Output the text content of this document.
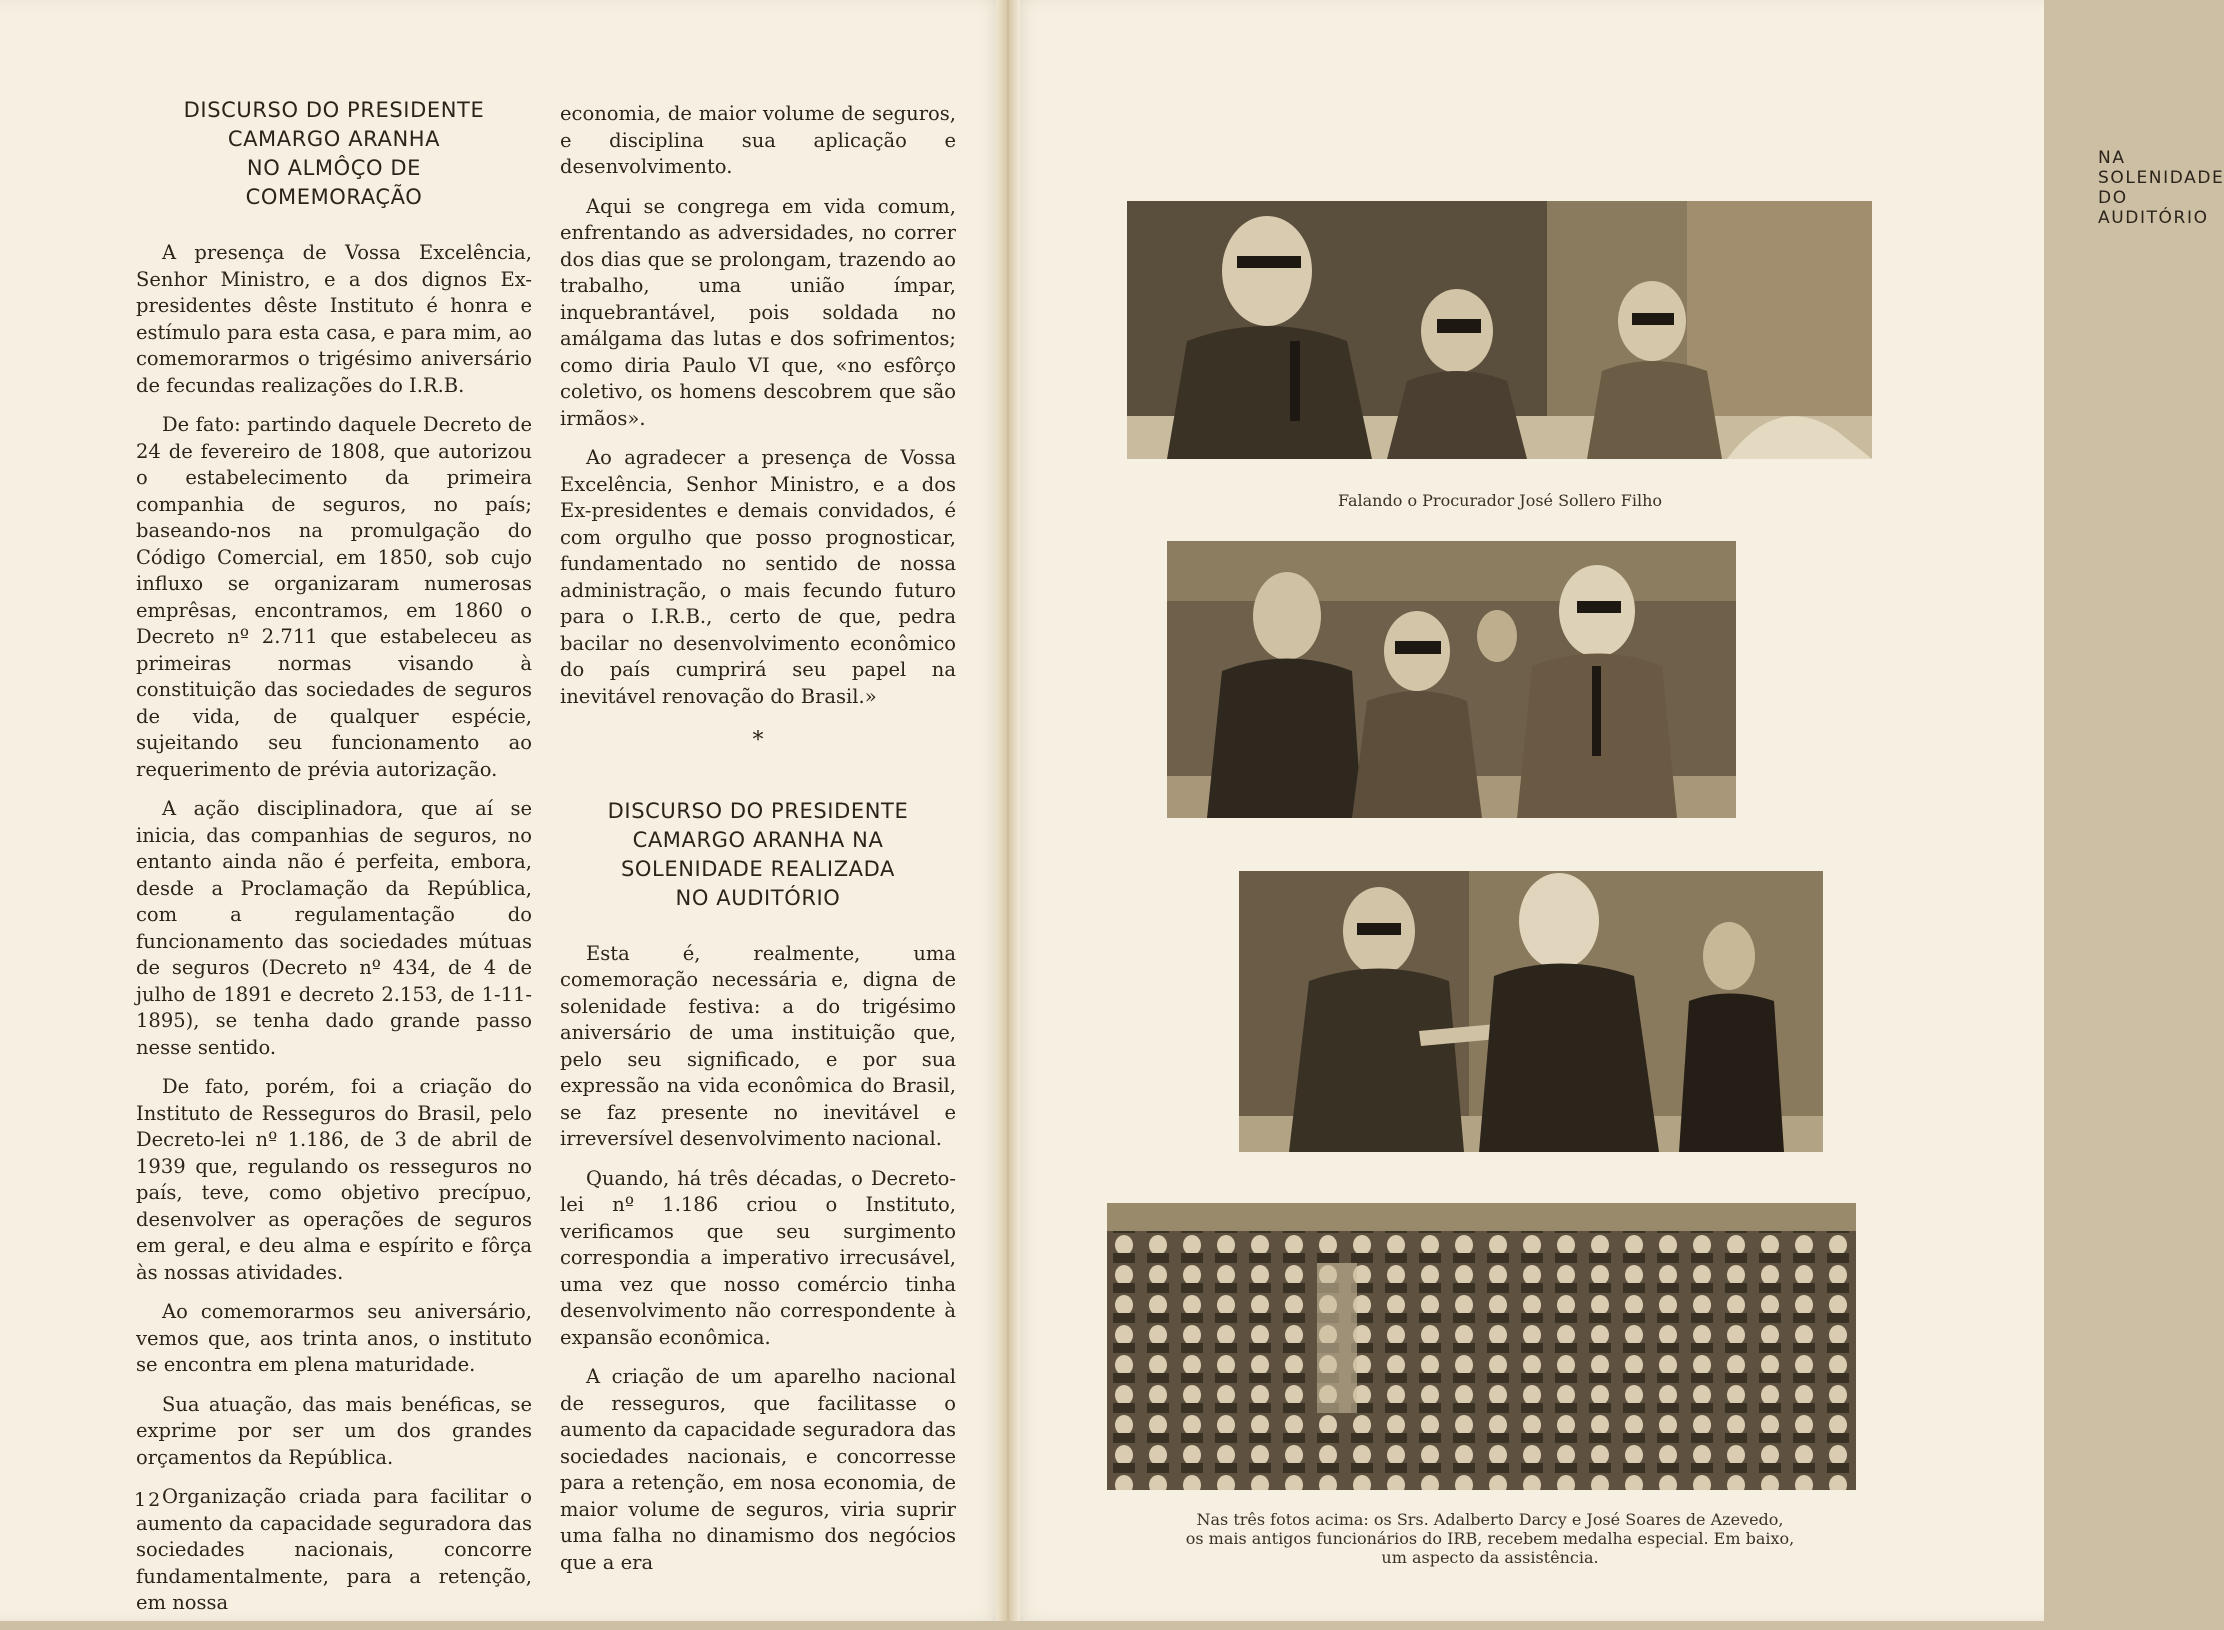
DISCURSO DO PRESIDENTE
CAMARGO ARANHA
NO ALMÔÇO DE
COMEMORAÇÃO

A presença de Vossa Excelência, Senhor Ministro, e a dos dignos Ex-presidentes dêste Instituto é honra e estímulo para esta casa, e para mim, ao comemorarmos o trigésimo aniversário de fecundas realizações do I.R.B.

De fato: partindo daquele Decreto de 24 de fevereiro de 1808, que autorizou o estabelecimento da primeira companhia de seguros, no país; baseando-nos na promulgação do Código Comercial, em 1850, sob cujo influxo se organizaram numerosas emprêsas, encontramos, em 1860 o Decreto nº 2.711 que estabeleceu as primeiras normas visando à constituição das sociedades de seguros de vida, de qualquer espécie, sujeitando seu funcionamento ao requerimento de prévia autorização.

A ação disciplinadora, que aí se inicia, das companhias de seguros, no entanto ainda não é perfeita, embora, desde a Proclamação da República, com a regulamentação do funcionamento das sociedades mútuas de seguros (Decreto nº 434, de 4 de julho de 1891 e decreto 2.153, de 1-11-1895), se tenha dado grande passo nesse sentido.

De fato, porém, foi a criação do Instituto de Resseguros do Brasil, pelo Decreto-lei nº 1.186, de 3 de abril de 1939 que, regulando os resseguros no país, teve, como objetivo precípuo, desenvolver as operações de seguros em geral, e deu alma e espírito e fôrça às nossas atividades.

Ao comemorarmos seu aniversário, vemos que, aos trinta anos, o instituto se encontra em plena maturidade.

Sua atuação, das mais benéficas, se exprime por ser um dos grandes orçamentos da República.

Organização criada para facilitar o aumento da capacidade seguradora das sociedades nacionais, concorre fundamentalmente, para a retenção, em nossa

economia, de maior volume de seguros, e disciplina sua aplicação e desenvolvimento.

Aqui se congrega em vida comum, enfrentando as adversidades, no correr dos dias que se prolongam, trazendo ao trabalho, uma união ímpar, inquebrantável, pois soldada no amálgama das lutas e dos sofrimentos; como diria Paulo VI que, «no esfôrço coletivo, os homens descobrem que são irmãos».

Ao agradecer a presença de Vossa Excelência, Senhor Ministro, e a dos Ex-presidentes e demais convidados, é com orgulho que posso prognosticar, fundamentado no sentido de nossa administração, o mais fecundo futuro para o I.R.B., certo de que, pedra bacilar no desenvolvimento econômico do país cumprirá seu papel na inevitável renovação do Brasil.»

*
DISCURSO DO PRESIDENTE
CAMARGO ARANHA NA
SOLENIDADE REALIZADA
NO AUDITÓRIO

Esta é, realmente, uma comemoração necessária e, digna de solenidade festiva: a do trigésimo aniversário de uma instituição que, pelo seu significado, e por sua expressão na vida econômica do Brasil, se faz presente no inevitável e irreversível desenvolvimento nacional.

Quando, há três décadas, o Decreto-lei nº 1.186 criou o Instituto, verificamos que seu surgimento correspondia a imperativo irrecusável, uma vez que nosso comércio tinha desenvolvimento não correspondente à expansão econômica.

A criação de um aparelho nacional de resseguros, que facilitasse o aumento da capacidade seguradora das sociedades nacionais, e concorresse para a retenção, em nosa economia, de maior volume de seguros, viria suprir uma falha no dinamismo dos negócios que a era

12
NA SOLENIDADE DO AUDITÓRIO
Falando o Procurador José Sollero Filho
Nas três fotos acima: os Srs. Adalberto Darcy e José Soares de Azevedo,
os mais antigos funcionários do IRB, recebem medalha especial. Em baixo,
um aspecto da assistência.
